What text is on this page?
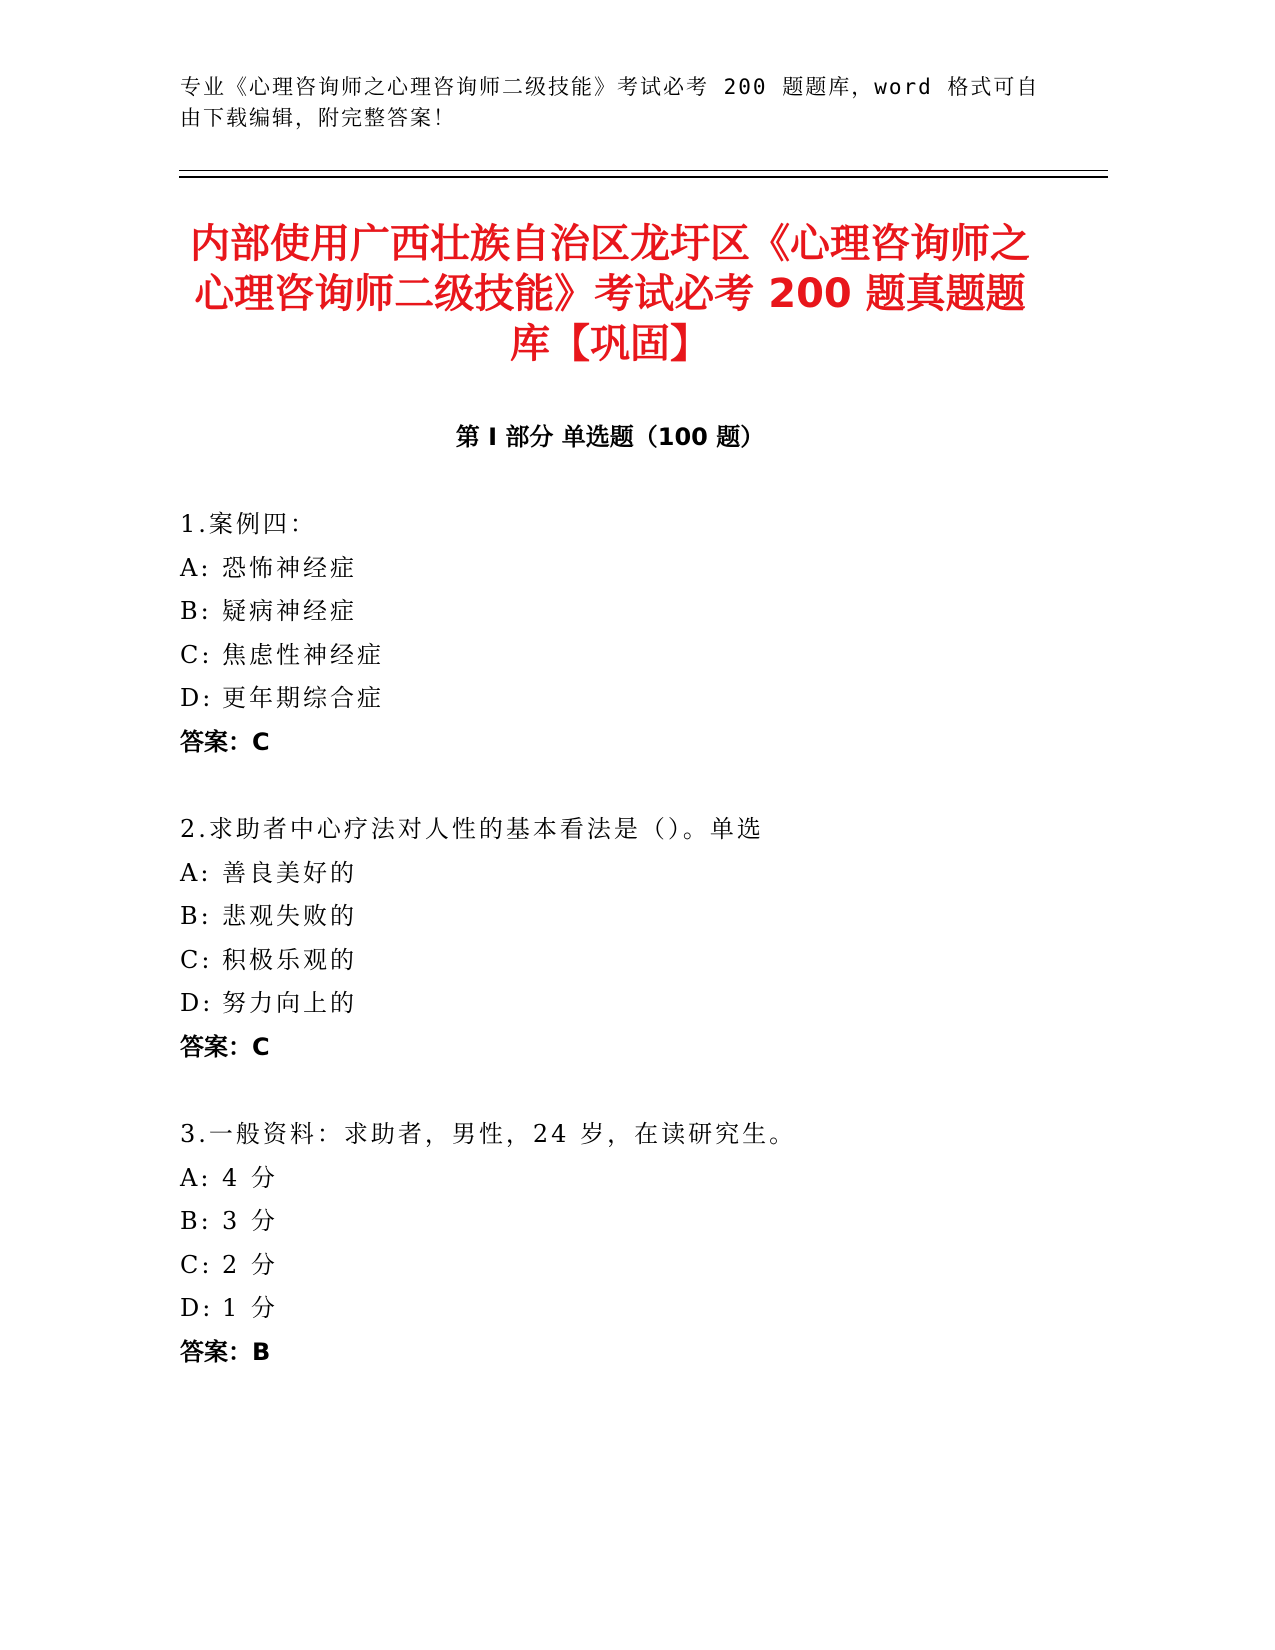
专业《心理咨询师之心理咨询师二级技能》考试必考 200 题题库，word 格式可自由下载编辑，附完整答案！
内部使用广西壮族自治区龙圩区《心理咨询师之心理咨询师二级技能》考试必考 200 题真题题库【巩固】
第 I 部分 单选题（100 题）
1.案例四：
A: 恐怖神经症
B: 疑病神经症
C: 焦虑性神经症
D: 更年期综合症
答案：C
2.求助者中心疗法对人性的基本看法是（）。单选
A: 善良美好的
B: 悲观失败的
C: 积极乐观的
D: 努力向上的
答案：C
3.一般资料：求助者，男性，24 岁，在读研究生。
A: 4 分
B: 3 分
C: 2 分
D: 1 分
答案：B
